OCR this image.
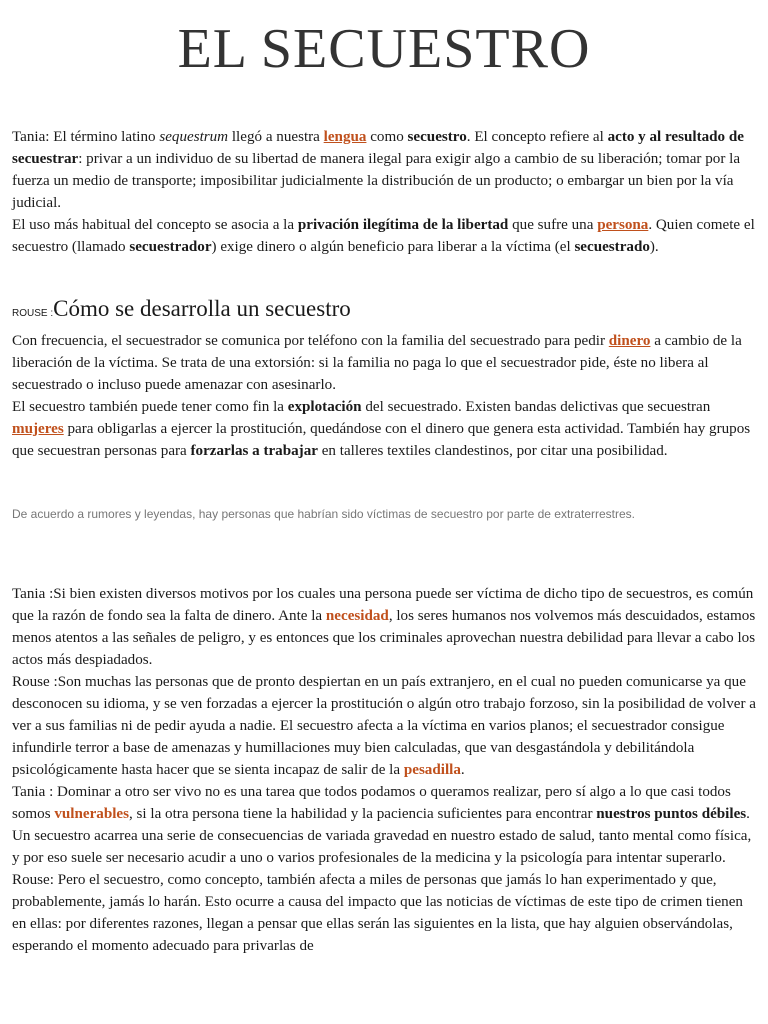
EL SECUESTRO

Tania: El término latino sequestrum llegó a nuestra lengua como secuestro. El concepto refiere al acto y al resultado de secuestrar: privar a un individuo de su libertad de manera ilegal para exigir algo a cambio de su liberación; tomar por la fuerza un medio de transporte; imposibilitar judicialmente la distribución de un producto; o embargar un bien por la vía judicial.
El uso más habitual del concepto se asocia a la privación ilegítima de la libertad que sufre una persona. Quien comete el secuestro (llamado secuestrador) exige dinero o algún beneficio para liberar a la víctima (el secuestrado).

ROUSE :Cómo se desarrolla un secuestro

Con frecuencia, el secuestrador se comunica por teléfono con la familia del secuestrado para pedir dinero a cambio de la liberación de la víctima. Se trata de una extorsión: si la familia no paga lo que el secuestrador pide, éste no libera al secuestrado o incluso puede amenazar con asesinarlo.
El secuestro también puede tener como fin la explotación del secuestrado. Existen bandas delictivas que secuestran mujeres para obligarlas a ejercer la prostitución, quedándose con el dinero que genera esta actividad. También hay grupos que secuestran personas para forzarlas a trabajar en talleres textiles clandestinos, por citar una posibilidad.

De acuerdo a rumores y leyendas, hay personas que habrían sido víctimas de secuestro por parte de extraterrestres.

Tania :Si bien existen diversos motivos por los cuales una persona puede ser víctima de dicho tipo de secuestros, es común que la razón de fondo sea la falta de dinero. Ante la necesidad, los seres humanos nos volvemos más descuidados, estamos menos atentos a las señales de peligro, y es entonces que los criminales aprovechan nuestra debilidad para llevar a cabo los actos más despiadados.
Rouse :Son muchas las personas que de pronto despiertan en un país extranjero, en el cual no pueden comunicarse ya que desconocen su idioma, y se ven forzadas a ejercer la prostitución o algún otro trabajo forzoso, sin la posibilidad de volver a ver a sus familias ni de pedir ayuda a nadie. El secuestro afecta a la víctima en varios planos; el secuestrador consigue infundirle terror a base de amenazas y humillaciones muy bien calculadas, que van desgastándola y debilitándola psicológicamente hasta hacer que se sienta incapaz de salir de la pesadilla.
Tania : Dominar a otro ser vivo no es una tarea que todos podamos o queramos realizar, pero sí algo a lo que casi todos somos vulnerables, si la otra persona tiene la habilidad y la paciencia suficientes para encontrar nuestros puntos débiles. Un secuestro acarrea una serie de consecuencias de variada gravedad en nuestro estado de salud, tanto mental como física, y por eso suele ser necesario acudir a uno o varios profesionales de la medicina y la psicología para intentar superarlo.
Rouse: Pero el secuestro, como concepto, también afecta a miles de personas que jamás lo han experimentado y que, probablemente, jamás lo harán. Esto ocurre a causa del impacto que las noticias de víctimas de este tipo de crimen tienen en ellas: por diferentes razones, llegan a pensar que ellas serán las siguientes en la lista, que hay alguien observándolas, esperando el momento adecuado para privarlas de
